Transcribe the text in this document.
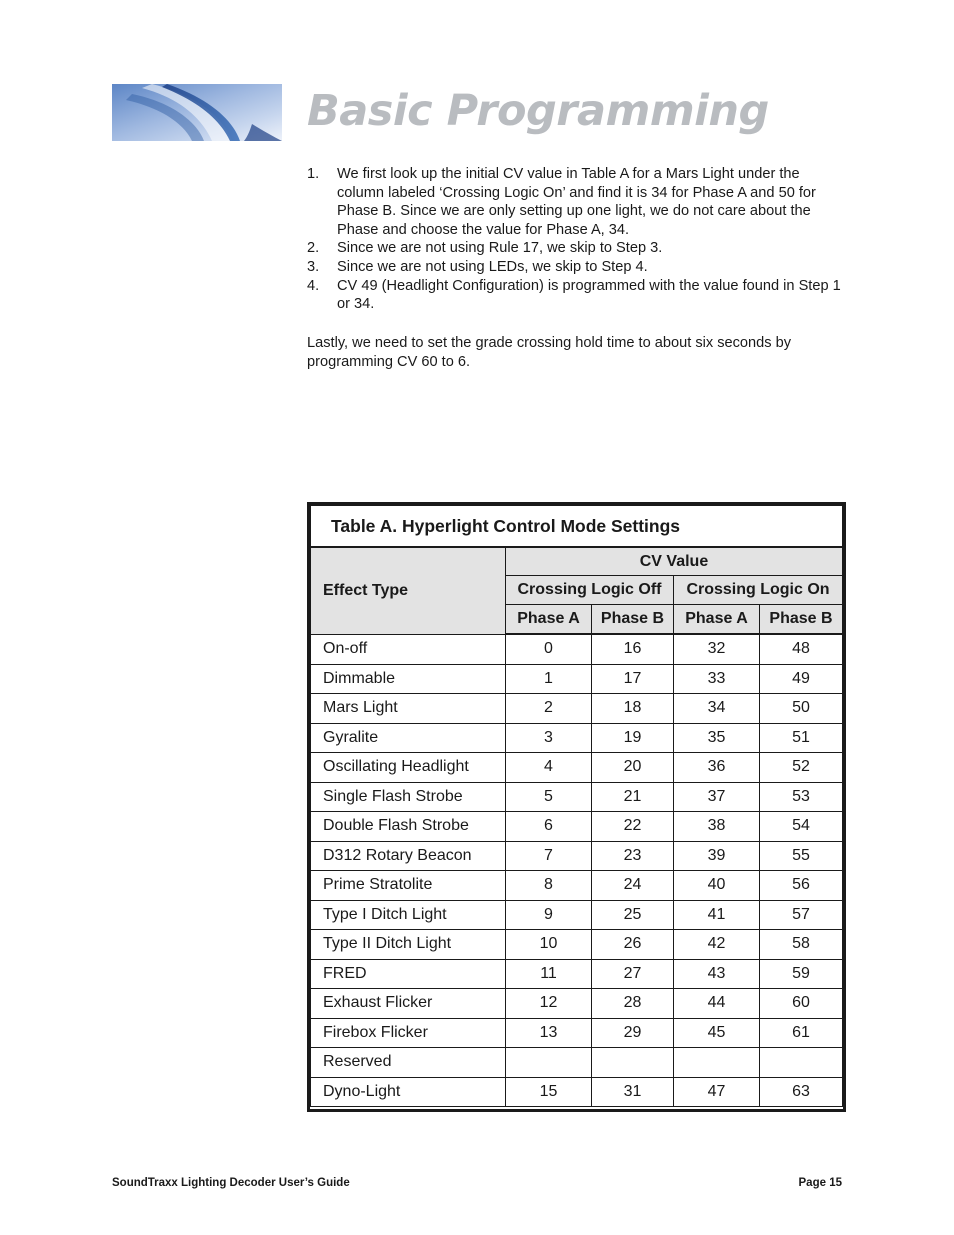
Basic Programming
1. We first look up the initial CV value in Table A for a Mars Light under the column labeled ‘Crossing Logic On’ and find it is 34 for Phase A and 50 for Phase B. Since we are only setting up one light, we do not care about the Phase and choose the value for Phase A, 34.
2. Since we are not using Rule 17, we skip to Step 3.
3. Since we are not using LEDs, we skip to Step 4.
4. CV 49 (Headlight Configuration) is programmed with the value found in Step 1 or 34.

Lastly, we need to set the grade crossing hold time to about six seconds by programming CV 60 to 6.

Table A. Hyperlight Control Mode Settings				
Effect Type	CV Value			
	Crossing Logic Off		Crossing Logic On	
	Phase A	Phase B	Phase A	Phase B
On-off	0	16	32	48
Dimmable	1	17	33	49
Mars Light	2	18	34	50
Gyralite	3	19	35	51
Oscillating Headlight	4	20	36	52
Single Flash Strobe	5	21	37	53
Double Flash Strobe	6	22	38	54
D312 Rotary Beacon	7	23	39	55
Prime Stratolite	8	24	40	56
Type I Ditch Light	9	25	41	57
Type II Ditch Light	10	26	42	58
FRED	11	27	43	59
Exhaust Flicker	12	28	44	60
Firebox Flicker	13	29	45	61
Reserved				
Dyno-Light	15	31	47	63
SoundTraxx Lighting Decoder User’s Guide	Page 15
